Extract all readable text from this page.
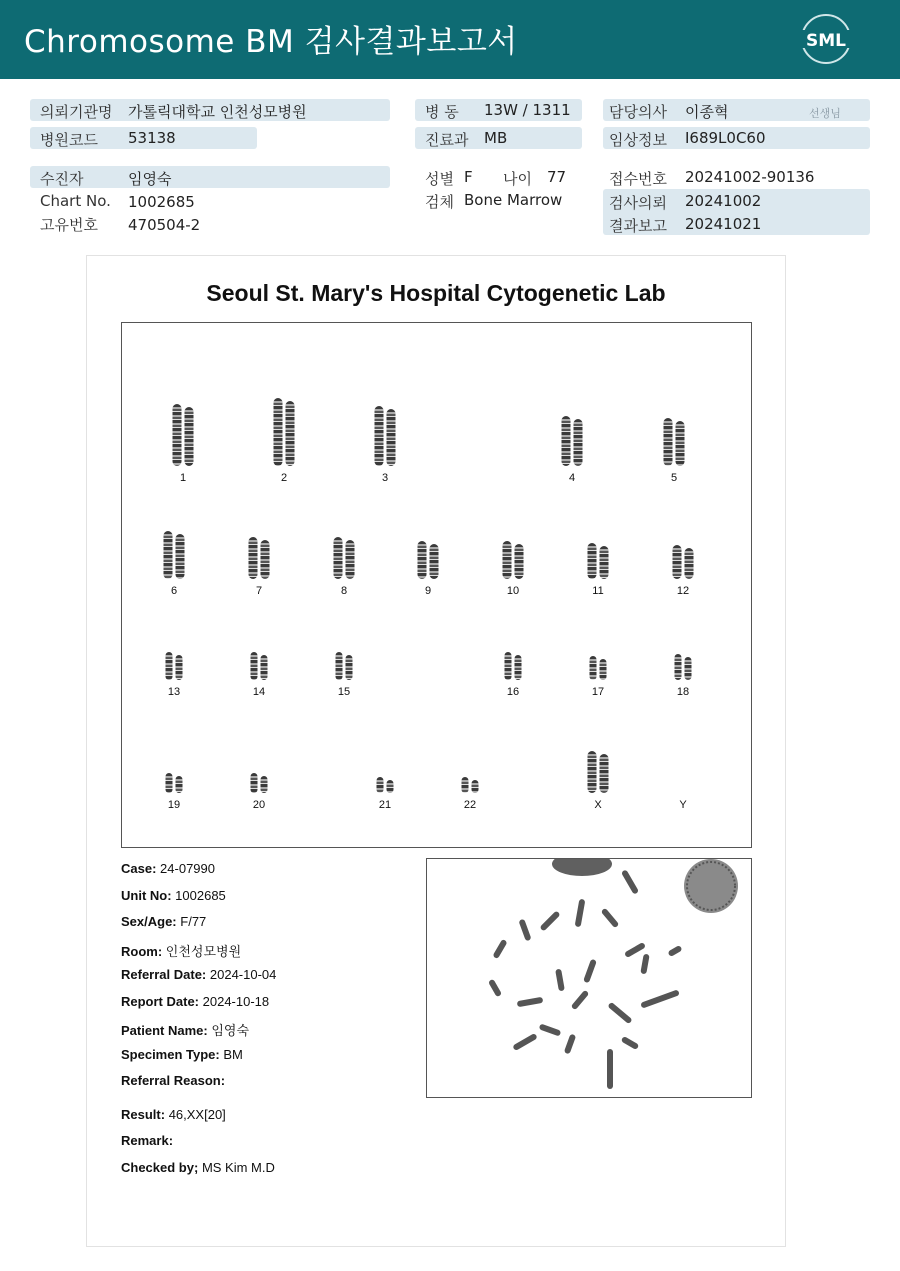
Chromosome BM 검사결과보고서	SML
의뢰기관명 가톨릭대학교 인천성모병원
병원코드 53138
병 동 13W / 1311
진료과 MB
담당의사 이종혁	선생님
임상정보 I689L0C60
수진자	임영숙
Chart No. 1002685
고유번호 470504-2
성별 F 나이 77
검체 Bone Marrow
접수번호 20241002-90136
검사의뢰 20241002
결과보고 20241021
Seoul St. Mary's Hospital Cytogenetic Lab
1	2	3	4	5
6	7	8	9	10	11	12
13	14	15	16	17	18
19	20	21	22	X	Y
Case: 24-07990
Unit No: 1002685
Sex/Age: F/77
Room: 인천성모병원
Referral Date: 2024-10-04
Report Date: 2024-10-18
Patient Name: 임영숙
Specimen Type: BM
Referral Reason:
Result: 46,XX[20]
Remark:
Checked by; MS Kim M.D
